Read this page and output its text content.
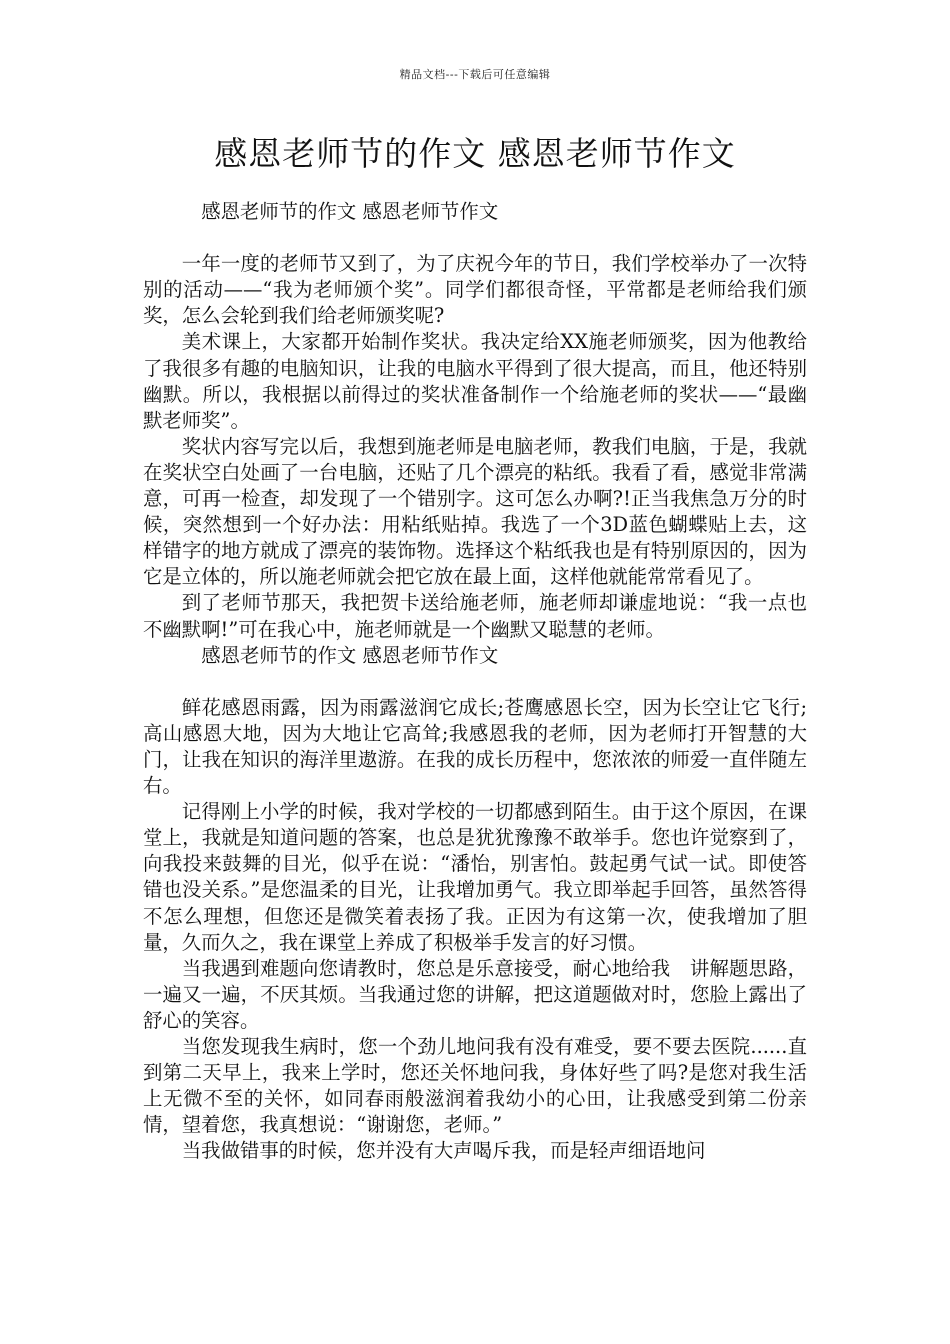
精品文档---下载后可任意编辑
感恩老师节的作文 感恩老师节作文

感恩老师节的作文 感恩老师节作文

一年一度的老师节又到了，为了庆祝今年的节日，我们学校举办了一次特别的活动——“我为老师颁个奖”。同学们都很奇怪，平常都是老师给我们颁奖，怎么会轮到我们给老师颁奖呢?

美术课上，大家都开始制作奖状。我决定给XX施老师颁奖，因为他教给了我很多有趣的电脑知识，让我的电脑水平得到了很大提高，而且，他还特别幽默。所以，我根据以前得过的奖状准备制作一个给施老师的奖状——“最幽默老师奖”。

奖状内容写完以后，我想到施老师是电脑老师，教我们电脑，于是，我就在奖状空白处画了一台电脑，还贴了几个漂亮的粘纸。我看了看，感觉非常满意，可再一检查，却发现了一个错别字。这可怎么办啊?!正当我焦急万分的时候，突然想到一个好办法：用粘纸贴掉。我选了一个3D蓝色蝴蝶贴上去，这样错字的地方就成了漂亮的装饰物。选择这个粘纸我也是有特别原因的，因为它是立体的，所以施老师就会把它放在最上面，这样他就能常常看见了。

到了老师节那天，我把贺卡送给施老师，施老师却谦虚地说：“我一点也不幽默啊!”可在我心中，施老师就是一个幽默又聪慧的老师。

感恩老师节的作文 感恩老师节作文

鲜花感恩雨露，因为雨露滋润它成长;苍鹰感恩长空，因为长空让它飞行;高山感恩大地，因为大地让它高耸;我感恩我的老师，因为老师打开智慧的大门，让我在知识的海洋里遨游。在我的成长历程中，您浓浓的师爱一直伴随左右。

记得刚上小学的时候，我对学校的一切都感到陌生。由于这个原因，在课堂上，我就是知道问题的答案，也总是犹犹豫豫不敢举手。您也许觉察到了，向我投来鼓舞的目光，似乎在说：“潘怡，别害怕。鼓起勇气试一试。即使答错也没关系。”是您温柔的目光，让我增加勇气。我立即举起手回答，虽然答得不怎么理想，但您还是微笑着表扬了我。正因为有这第一次，使我增加了胆量，久而久之，我在课堂上养成了积极举手发言的好习惯。

当我遇到难题向您请教时，您总是乐意接受，耐心地给我　讲解题思路，一遍又一遍，不厌其烦。当我通过您的讲解，把这道题做对时，您脸上露出了舒心的笑容。

当您发现我生病时，您一个劲儿地问我有没有难受，要不要去医院......直到第二天早上，我来上学时，您还关怀地问我，身体好些了吗?是您对我生活上无微不至的关怀，如同春雨般滋润着我幼小的心田，让我感受到第二份亲情，望着您，我真想说：“谢谢您，老师。”

当我做错事的时候，您并没有大声喝斥我，而是轻声细语地问
